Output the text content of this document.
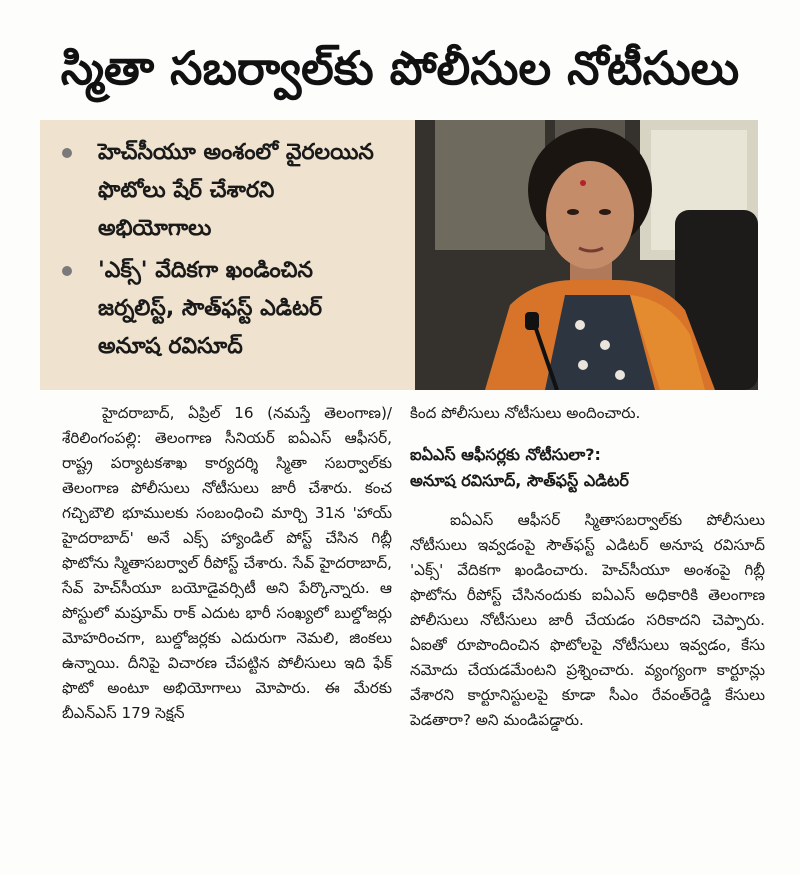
స్మితా సబర్వాల్‌కు పోలీసుల నోటీసులు
హెచ్‌సీయూ అంశంలో వైరలయిన ఫొటోలు షేర్ చేశారని అభియోగాలు
'ఎక్స్' వేదికగా ఖండించిన జర్నలిస్ట్, సౌత్‌ఫస్ట్ ఎడిటర్ అనూష రవిసూద్

హైదరాబాద్, ఏప్రిల్ 16 (నమస్తే తెలంగాణ)/శేరిలింగంపల్లి: తెలంగాణ సీనియర్ ఐఏఎస్ ఆఫీసర్, రాష్ట్ర పర్యాటకశాఖ కార్యదర్శి స్మితా సబర్వాల్‌కు తెలంగాణ పోలీసులు నోటీసులు జారీ చేశారు. కంచ గచ్చిబౌలి భూములకు సంబంధించి మార్చి 31న 'హాయ్ హైదరాబాద్' అనే ఎక్స్ హ్యాండిల్ పోస్ట్ చేసిన గిబ్లీ ఫొటోను స్మితాసబర్వాల్ రీపోస్ట్ చేశారు. సేవ్ హైదరాబాద్, సేవ్ హెచ్‌సీయూ బయోడైవర్సిటీ అని పేర్కొన్నారు. ఆ పోస్టులో మష్రూమ్ రాక్ ఎదుట భారీ సంఖ్యలో బుల్డోజర్లు మోహరించగా, బుల్డోజర్లకు ఎదురుగా నెమలి, జింకలు ఉన్నాయి. దీనిపై విచారణ చేపట్టిన పోలీసులు ఇది ఫేక్ ఫొటో అంటూ అభియోగాలు మోపారు. ఈ మేరకు బీఎన్ఎస్ 179 సెక్షన్

కింద పోలీసులు నోటీసులు అందించారు.

ఐఏఎస్ ఆఫీసర్లకు నోటీసులా?:
అనూష రవిసూద్, సౌత్‌ఫస్ట్ ఎడిటర్

ఐఏఎస్ ఆఫీసర్ స్మితాసబర్వాల్‌కు పోలీసులు నోటీసులు ఇవ్వడంపై సౌత్‌ఫస్ట్ ఎడిటర్ అనూష రవిసూద్ 'ఎక్స్' వేదికగా ఖండించారు. హెచ్‌సీయూ అంశంపై గిబ్లీ ఫొటోను రీపోస్ట్ చేసినందుకు ఐఏఎస్ అధికారికి తెలంగాణ పోలీసులు నోటీసులు జారీ చేయడం సరికాదని చెప్పారు. ఏఐతో రూపొందించిన ఫొటోలపై నోటీసులు ఇవ్వడం, కేసు నమోదు చేయడమేంటని ప్రశ్నించారు. వ్యంగ్యంగా కార్టూన్లు వేశారని కార్టూనిస్టులపై కూడా సీఎం రేవంత్‌రెడ్డి కేసులు పెడతారా? అని మండిపడ్డారు.
